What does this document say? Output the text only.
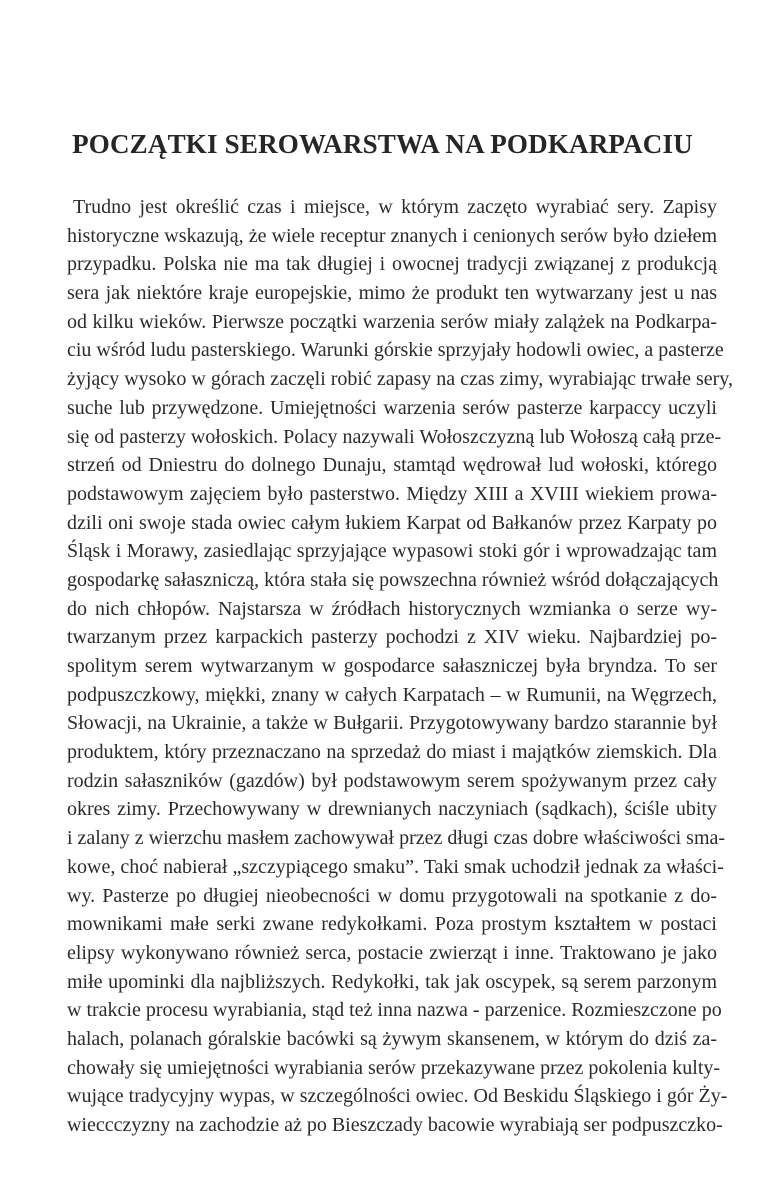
POCZĄTKI SEROWARSTWA NA PODKARPACIU
Trudno jest określić czas i miejsce, w którym zaczęto wyrabiać sery. Zapisy
historyczne wskazują, że wiele receptur znanych i cenionych serów było dziełem
przypadku. Polska nie ma tak długiej i owocnej tradycji związanej z produkcją
sera jak niektóre kraje europejskie, mimo że produkt ten wytwarzany jest u nas
od kilku wieków. Pierwsze początki warzenia serów miały zalążek na Podkarpa-
ciu wśród ludu pasterskiego. Warunki górskie sprzyjały hodowli owiec, a pasterze
żyjący wysoko w górach zaczęli robić zapasy na czas zimy, wyrabiając trwałe sery,
suche lub przywędzone. Umiejętności warzenia serów pasterze karpaccy uczyli
się od pasterzy wołoskich. Polacy nazywali Wołoszczyzną lub Wołoszą całą prze-
strzeń od Dniestru do dolnego Dunaju, stamtąd wędrował lud wołoski, którego
podstawowym zajęciem było pasterstwo. Między XIII a XVIII wiekiem prowa-
dzili oni swoje stada owiec całym łukiem Karpat od Bałkanów przez Karpaty po
Śląsk i Morawy, zasiedlając sprzyjające wypasowi stoki gór i wprowadzając tam
gospodarkę sałaszniczą, która stała się powszechna również wśród dołączających
do nich chłopów. Najstarsza w źródłach historycznych wzmianka o serze wy-
twarzanym przez karpackich pasterzy pochodzi z XIV wieku. Najbardziej po-
spolitym serem wytwarzanym w gospodarce sałaszniczej była bryndza. To ser
podpuszczkowy, miękki, znany w całych Karpatach – w Rumunii, na Węgrzech,
Słowacji, na Ukrainie, a także w Bułgarii. Przygotowywany bardzo starannie był
produktem, który przeznaczano na sprzedaż do miast i majątków ziemskich. Dla
rodzin sałaszników (gazdów) był podstawowym serem spożywanym przez cały
okres zimy. Przechowywany w drewnianych naczyniach (sądkach), ściśle ubity
i zalany z wierzchu masłem zachowywał przez długi czas dobre właściwości sma-
kowe, choć nabierał „szczypiącego smaku”. Taki smak uchodził jednak za właści-
wy. Pasterze po długiej nieobecności w domu przygotowali na spotkanie z do-
mownikami małe serki zwane redykołkami. Poza prostym kształtem w postaci
elipsy wykonywano również serca, postacie zwierząt i inne. Traktowano je jako
miłe upominki dla najbliższych. Redykołki, tak jak oscypek, są serem parzonym
w trakcie procesu wyrabiania, stąd też inna nazwa - parzenice. Rozmieszczone po
halach, polanach góralskie bacówki są żywym skansenem, w którym do dziś za-
chowały się umiejętności wyrabiania serów przekazywane przez pokolenia kulty-
wujące tradycyjny wypas, w szczególności owiec. Od Beskidu Śląskiego i gór Ży-
wieccczyzny na zachodzie aż po Bieszczady bacowie wyrabiają ser podpuszczko-
